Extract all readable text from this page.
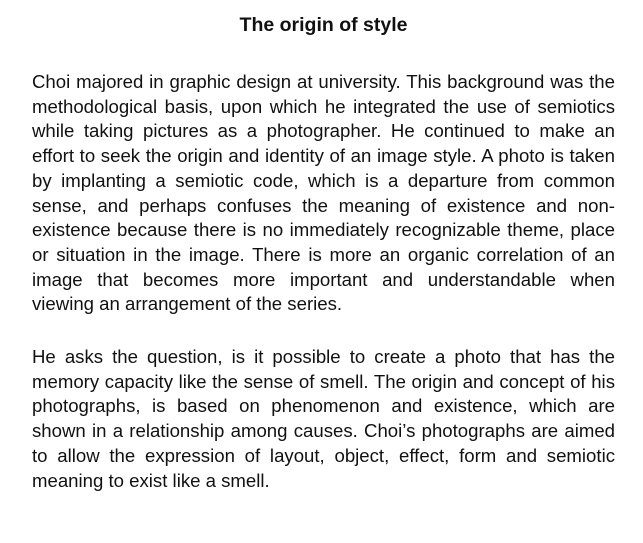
The origin of style

Choi majored in graphic design at university. This background was the methodological basis, upon which he integrated the use of semiotics while taking pictures as a photographer. He continued to make an effort to seek the origin and identity of an image style. A photo is taken by implanting a semiotic code, which is a departure from common sense, and perhaps confuses the meaning of existence and non-existence because there is no immediately recognizable theme, place or situation in the image. There is more an organic correlation of an image that becomes more important and understandable when viewing an arrangement of the series.

He asks the question, is it possible to create a photo that has the memory capacity like the sense of smell. The origin and concept of his photographs, is based on phenomenon and existence, which are shown in a relationship among causes. Choi’s photographs are aimed to allow the expression of layout, object, effect, form and semiotic meaning to exist like a smell.
